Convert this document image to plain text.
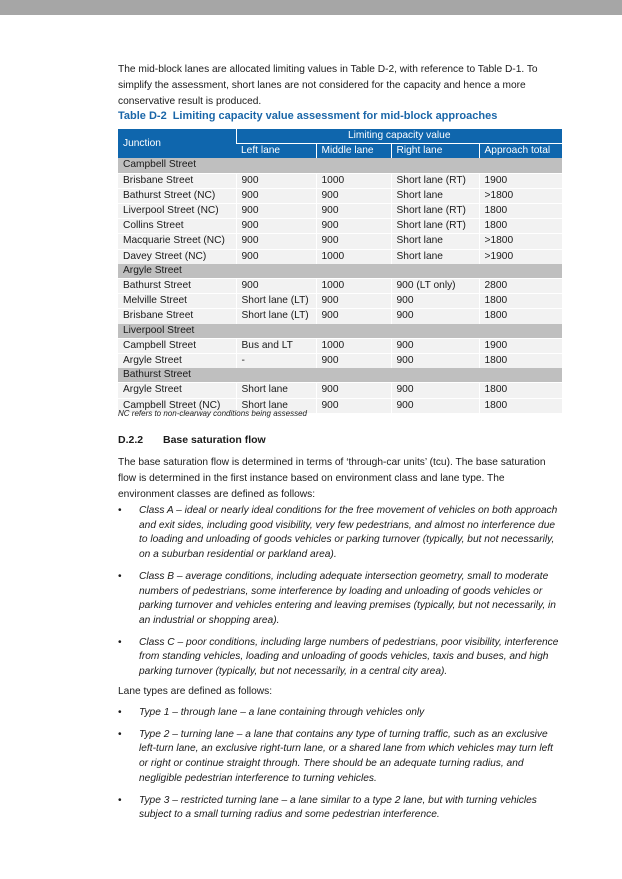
The mid-block lanes are allocated limiting values in Table D-2, with reference to Table D-1. To simplify the assessment, short lanes are not considered for the capacity and hence a more conservative result is produced.

Table D-2 Limiting capacity value assessment for mid-block approaches
Junction	Limiting capacity value			
	Left lane	Middle lane	Right lane	Approach total
Campbell Street				
Brisbane Street	900	1000	Short lane (RT)	1900
Bathurst Street (NC)	900	900	Short lane	>1800
Liverpool Street (NC)	900	900	Short lane (RT)	1800
Collins Street	900	900	Short lane (RT)	1800
Macquarie Street (NC)	900	900	Short lane	>1800
Davey Street (NC)	900	1000	Short lane	>1900
Argyle Street				
Bathurst Street	900	1000	900 (LT only)	2800
Melville Street	Short lane (LT)	900	900	1800
Brisbane Street	Short lane (LT)	900	900	1800
Liverpool Street				
Campbell Street	Bus and LT	1000	900	1900
Argyle Street	-	900	900	1800
Bathurst Street				
Argyle Street	Short lane	900	900	1800
Campbell Street (NC)	Short lane	900	900	1800
NC refers to non-clearway conditions being assessed
D.2.2 Base saturation flow

The base saturation flow is determined in terms of ‘through-car units’ (tcu). The base saturation flow is determined in the first instance based on environment class and lane type. The environment classes are defined as follows:

• Class A – ideal or nearly ideal conditions for the free movement of vehicles on both approach and exit sides, including good visibility, very few pedestrians, and almost no interference due to loading and unloading of goods vehicles or parking turnover (typically, but not necessarily, on a suburban residential or parkland area).
• Class B – average conditions, including adequate intersection geometry, small to moderate numbers of pedestrians, some interference by loading and unloading of goods vehicles or parking turnover and vehicles entering and leaving premises (typically, but not necessarily, in an industrial or shopping area).
• Class C – poor conditions, including large numbers of pedestrians, poor visibility, interference from standing vehicles, loading and unloading of goods vehicles, taxis and buses, and high parking turnover (typically, but not necessarily, in a central city area).

Lane types are defined as follows:

• Type 1 – through lane – a lane containing through vehicles only
• Type 2 – turning lane – a lane that contains any type of turning traffic, such as an exclusive left-turn lane, an exclusive right-turn lane, or a shared lane from which vehicles may turn left or right or continue straight through. There should be an adequate turning radius, and negligible pedestrian interference to turning vehicles.
• Type 3 – restricted turning lane – a lane similar to a type 2 lane, but with turning vehicles subject to a small turning radius and some pedestrian interference.
